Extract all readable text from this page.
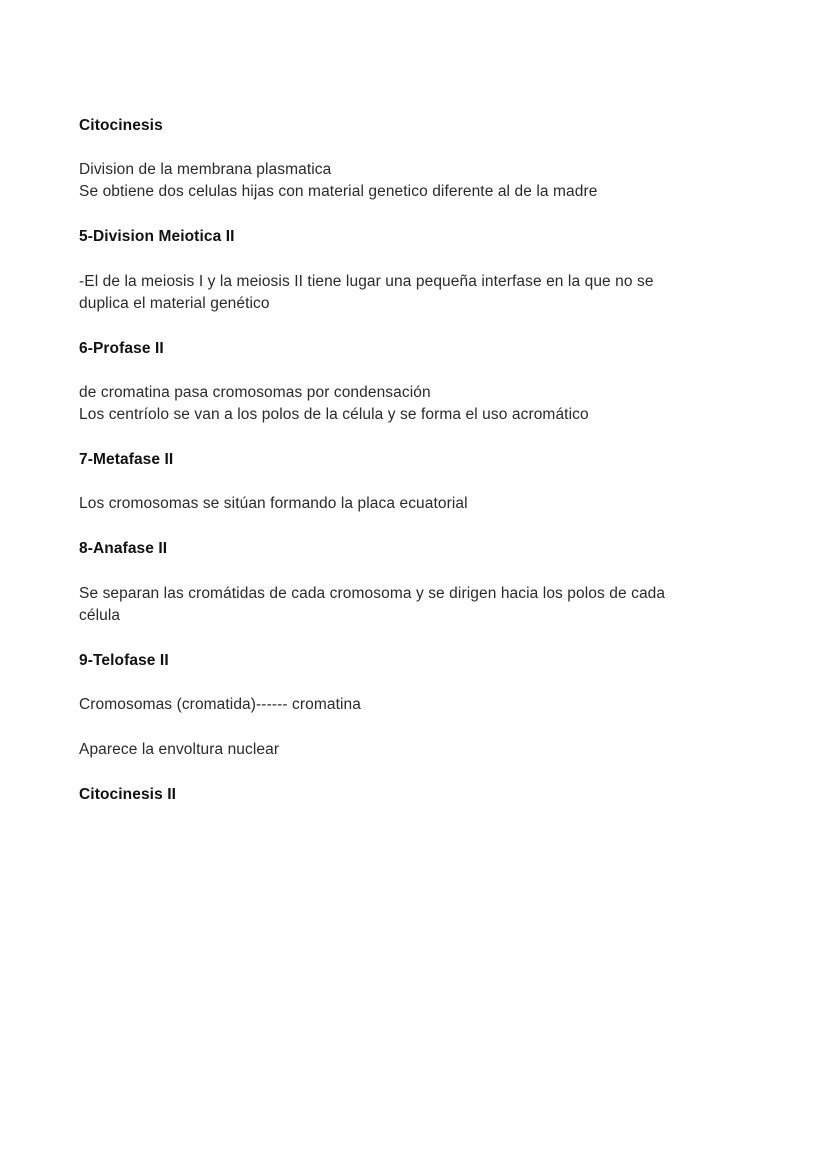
Citocinesis
Division de la membrana plasmatica
Se obtiene dos celulas hijas con material genetico diferente al de la madre
5-Division Meiotica II
-El de la meiosis I y la meiosis II tiene lugar una pequeña interfase en la que no se
duplica el material genético
6-Profase II
de cromatina pasa cromosomas por condensación
Los centríolo se van a los polos de la célula y se forma el uso acromático
7-Metafase II
Los cromosomas se sitúan formando la placa ecuatorial
8-Anafase II
Se separan las cromátidas de cada cromosoma y se dirigen hacia los polos de cada
célula
9-Telofase II
Cromosomas (cromatida)------ cromatina
Aparece la envoltura nuclear
Citocinesis II
